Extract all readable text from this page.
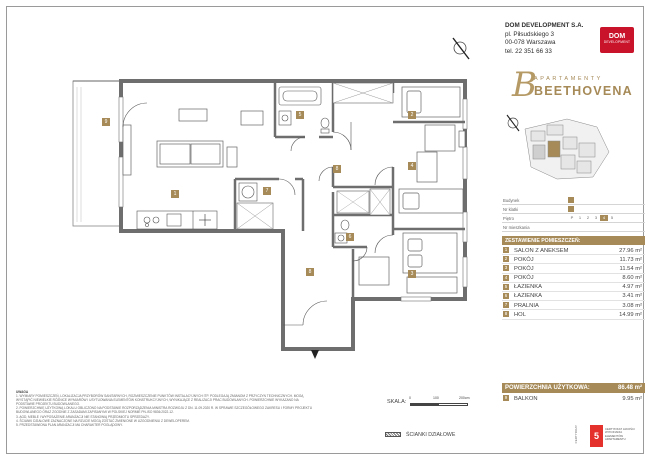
9
1
2
3
4
5
6
7
8
8
DOM DEVELOPMENT S.A.
pl. Piłsudskiego 3
00-078 Warszawa
tel. 22 351 66 33
DOM
DEVELOPMENT
B
APARTAMENTY
BEETHOVENA
Budynek
Nr klatki
Piętro	P	1	2	3	4	5
Nr mieszkania
ZESTAWIENIE POMIESZCZEŃ:
1	SALON Z ANEKSEM	27.96 m²
2	POKÓJ	11.73 m²
3	POKÓJ	11.54 m²
4	POKÓJ	8.60 m²
5	ŁAZIENKA	4.97 m²
6	ŁAZIENKA	3.41 m²
7	PRALNIA	3.08 m²
8	HOL	14.99 m²
POWIERZCHNIA UŻYTKOWA:	86.48 m²
9	BALKON	9.95 m²
UWAGA
1. WYMIARY POMIESZCZEŃ, LOKALIZACJA PRZYBORÓW SANITARNYCH, ROZMIESZCZENIE PUNKTÓW INSTALACYJNYCH ITP. PODLEGAJĄ ZMIANOM Z PRZYCZYN TECHNICZNYCH. MOGĄ WYSTĄPIĆ NIEWIELKIE RÓŻNICE WYMIARÓW I USYTUOWANIA ELEMENTÓW KONSTRUKCYJNYCH, WYNIKAJĄCE Z REALIZACJI PRAC BUDOWLANYCH. POWIERZCHNIE WYKAZANO NA PODSTAWIE PROJEKTU BUDOWLANEGO.
2. POWIERZCHNIĘ UŻYTKOWĄ LOKALU OBLICZONO NA PODSTAWIE ROZPORZĄDZENIA MINISTRA ROZWOJU Z DN. 11.09.2020 R. W SPRAWIE SZCZEGÓŁOWEGO ZAKRESU I FORMY PROJEKTU BUDOWLANEGO ORAZ ZGODNIE Z ZASADAMI ZAPISANYMI W POLSKIEJ NORMIE PN-ISO 9836:2022-12.
3. AGD, MEBLE I WYPOSAŻENIE ARANŻACJI NIE STANOWIĄ PRZEDMIOTU SPRZEDAŻY.
4. ŚCIANKI DZIAŁOWE ZAZNACZONE NA RZUCIE MOGĄ ZOSTAĆ ZMIENIONE W UZGODNIENIU Z DEWELOPEREM.
5. PRZEDSTAWIONA PLAN ARANŻACJI MA CHARAKTER POGLĄDOWY.
SKALA:
0	100	200cm
ŚCIANKI DZIAŁOWE	CERTYFIKAT	5
CERTYFIKAT JAKOŚCI WYKONANIA ELEMENTÓW APARTAMENTU
